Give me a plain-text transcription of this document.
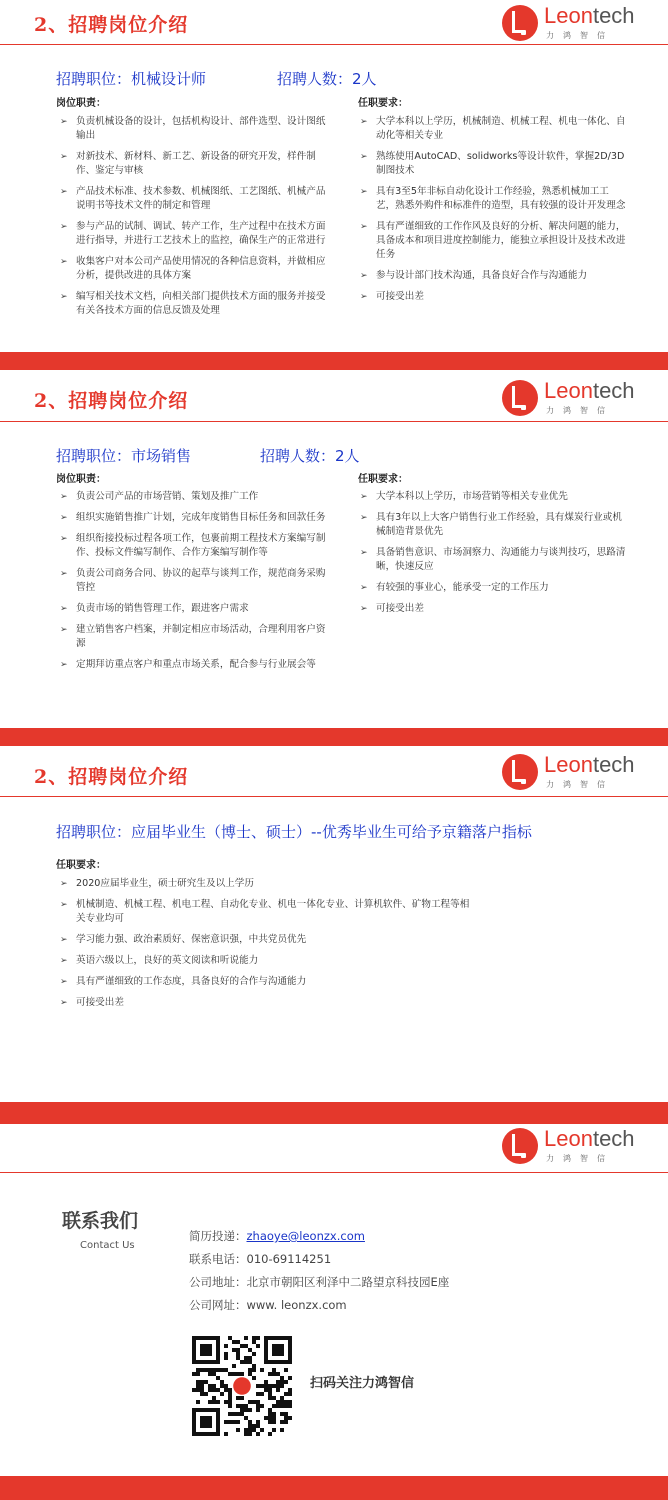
2、招聘岗位介绍	Leontech
力鸿智信
招聘职位：机械设计师	招聘人数：2人
岗位职责：	任职要求：
➢ 负责机械设备的设计，包括机构设计、部件选型、设计图纸输出
➢ 对新技术、新材料、新工艺、新设备的研究开发，样件制作、鉴定与审核
➢ 产品技术标准、技术参数、机械图纸、工艺图纸、机械产品说明书等技术文件的制定和管理
➢ 参与产品的试制、调试、转产工作，生产过程中在技术方面进行指导，并进行工艺技术上的监控，确保生产的正常进行
➢ 收集客户对本公司产品使用情况的各种信息资料，并做相应分析，提供改进的具体方案
➢ 编写相关技术文档，向相关部门提供技术方面的服务并接受有关各技术方面的信息反馈及处理
➢ 大学本科以上学历，机械制造、机械工程、机电一体化、自动化等相关专业
➢ 熟练使用AutoCAD、solidworks等设计软件，掌握2D/3D制图技术
➢ 具有3至5年非标自动化设计工作经验，熟悉机械加工工艺，熟悉外购件和标准件的造型，具有较强的设计开发理念
➢ 具有严谨细致的工作作风及良好的分析、解决问题的能力，具备成本和项目进度控制能力，能独立承担设计及技术改进任务
➢ 参与设计部门技术沟通，具备良好合作与沟通能力
➢ 可接受出差
2、招聘岗位介绍	Leontech
力鸿智信
招聘职位：市场销售	招聘人数：2人
岗位职责：	任职要求：
➢ 负责公司产品的市场营销、策划及推广工作
➢ 组织实施销售推广计划，完成年度销售目标任务和回款任务
➢ 组织衔接投标过程各项工作，包裹前期工程技术方案编写制作、投标文件编写制作、合作方案编写制作等
➢ 负责公司商务合同、协议的起草与谈判工作，规范商务采购管控
➢ 负责市场的销售管理工作，跟进客户需求
➢ 建立销售客户档案，并制定相应市场活动，合理利用客户资源
➢ 定期拜访重点客户和重点市场关系，配合参与行业展会等
➢ 大学本科以上学历，市场营销等相关专业优先
➢ 具有3年以上大客户销售行业工作经验，具有煤炭行业或机械制造背景优先
➢ 具备销售意识、市场洞察力、沟通能力与谈判技巧，思路清晰，快速反应
➢ 有较强的事业心，能承受一定的工作压力
➢ 可接受出差
2、招聘岗位介绍	Leontech
力鸿智信
招聘职位：应届毕业生（博士、硕士）--优秀毕业生可给予京籍落户指标
任职要求：
➢ 2020应届毕业生，硕士研究生及以上学历
➢ 机械制造、机械工程、机电工程、自动化专业、机电一体化专业、计算机软件、矿物工程等相关专业均可
➢ 学习能力强、政治素质好、保密意识强，中共党员优先
➢ 英语六级以上，良好的英文阅读和听说能力
➢ 具有严谨细致的工作态度，具备良好的合作与沟通能力
➢ 可接受出差
Leontech
力鸿智信
联系我们
Contact Us
简历投递：zhaoye@leonzx.com
联系电话：010-69114251
公司地址：北京市朝阳区利泽中二路望京科技园E座
公司网址：www. leonzx.com
扫码关注力鸿智信
